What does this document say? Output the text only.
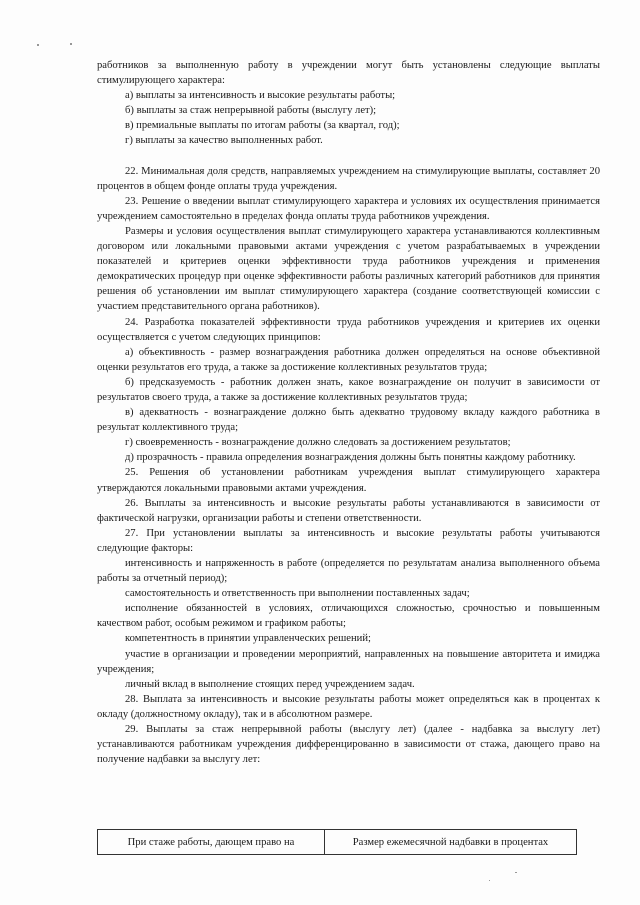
работников за выполненную работу в учреждении могут быть установлены следующие выплаты стимулирующего характера:

а) выплаты за интенсивность и высокие результаты работы;

б) выплаты за стаж непрерывной работы (выслугу лет);

в) премиальные выплаты по итогам работы (за квартал, год);

г) выплаты за качество выполненных работ.

22. Минимальная доля средств, направляемых учреждением на стимулирующие выплаты, составляет 20 процентов в общем фонде оплаты труда учреждения.

23. Решение о введении выплат стимулирующего характера и условиях их осуществления принимается учреждением самостоятельно в пределах фонда оплаты труда работников учреждения.

Размеры и условия осуществления выплат стимулирующего характера устанавливаются коллективным договором или локальными правовыми актами учреждения с учетом разрабатываемых в учреждении показателей и критериев оценки эффективности труда работников учреждения и применения демократических процедур при оценке эффективности работы различных категорий работников для принятия решения об установлении им выплат стимулирующего характера (создание соответствующей комиссии с участием представительного органа работников).

24. Разработка показателей эффективности труда работников учреждения и критериев их оценки осуществляется с учетом следующих принципов:

а) объективность - размер вознаграждения работника должен определяться на основе объективной оценки результатов его труда, а также за достижение коллективных результатов труда;

б) предсказуемость - работник должен знать, какое вознаграждение он получит в зависимости от результатов своего труда, а также за достижение коллективных результатов труда;

в) адекватность - вознаграждение должно быть адекватно трудовому вкладу каждого работника в результат коллективного труда;

г) своевременность - вознаграждение должно следовать за достижением результатов;

д) прозрачность - правила определения вознаграждения должны быть понятны каждому работнику.

25. Решения об установлении работникам учреждения выплат стимулирующего характера утверждаются локальными правовыми актами учреждения.

26. Выплаты за интенсивность и высокие результаты работы устанавливаются в зависимости от фактической нагрузки, организации работы и степени ответственности.

27. При установлении выплаты за интенсивность и высокие результаты работы учитываются следующие факторы:

интенсивность и напряженность в работе (определяется по результатам анализа выполненного объема работы за отчетный период);

самостоятельность и ответственность при выполнении поставленных задач;

исполнение обязанностей в условиях, отличающихся сложностью, срочностью и повышенным качеством работ, особым режимом и графиком работы;

компетентность в принятии управленческих решений;

участие в организации и проведении мероприятий, направленных на повышение авторитета и имиджа учреждения;

личный вклад в выполнение стоящих перед учреждением задач.

28. Выплата за интенсивность и высокие результаты работы может определяться как в процентах к окладу (должностному окладу), так и в абсолютном размере.

29. Выплаты за стаж непрерывной работы (выслугу лет) (далее - надбавка за выслугу лет) устанавливаются работникам учреждения дифференцированно в зависимости от стажа, дающего право на получение надбавки за выслугу лет:

При стаже работы, дающем право на	Размер ежемесячной надбавки в процентах
